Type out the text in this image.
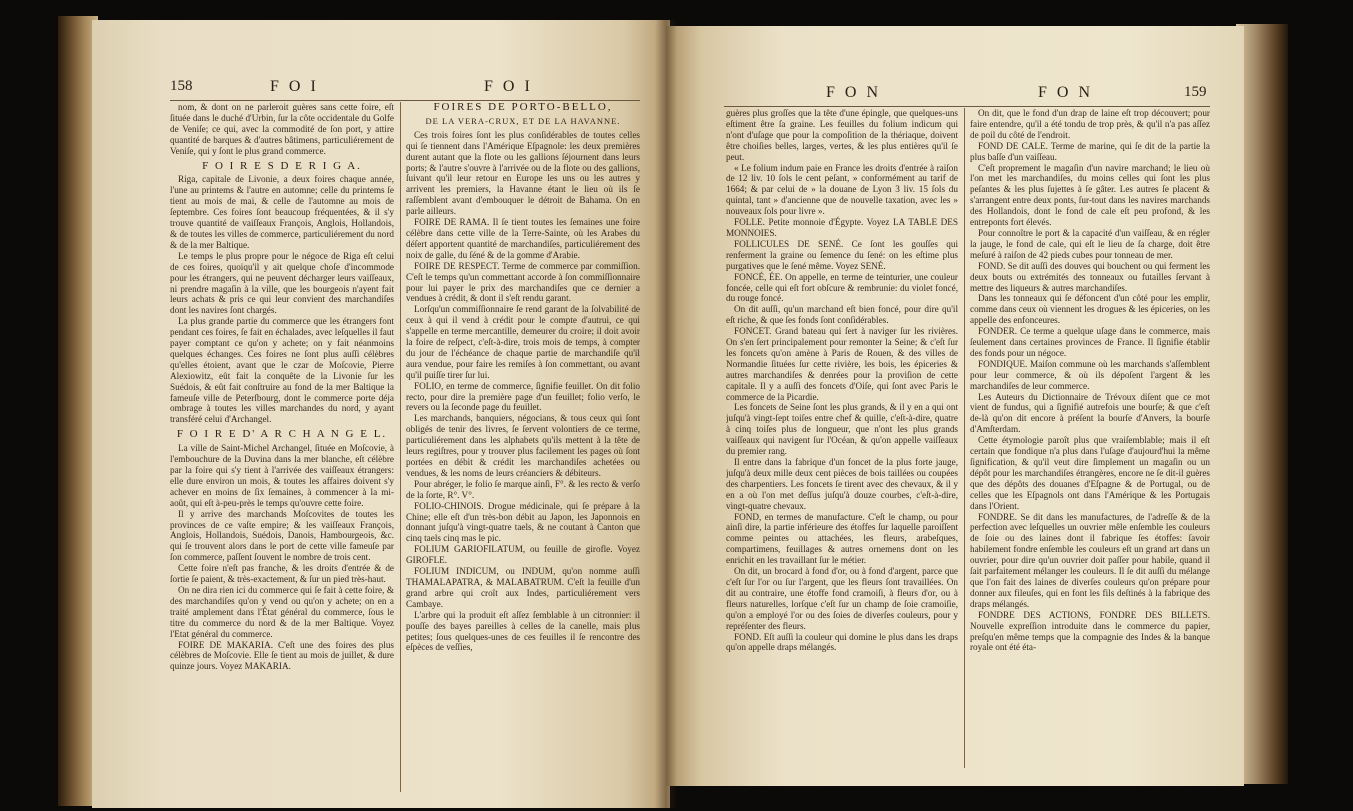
158	F O I	F O I

nom, & dont on ne parleroit guères sans cette foire, eſt ſituée dans le duché d'Urbin, ſur la côte occidentale du Golfe de Veniſe; ce qui, avec la commodité de ſon port, y attire quantité de barques & d'autres bâtimens, particuliérement de Veniſe, qui y ſont le plus grand commerce.

F O I R E S D E R I G A.

Riga, capitale de Livonie, a deux foires chaque année, l'une au printems & l'autre en automne; celle du printems ſe tient au mois de mai, & celle de l'automne au mois de ſeptembre. Ces foires ſont beaucoup fréquentées, & il s'y trouve quantité de vaiſſeaux François, Anglois, Hollandois, & de toutes les villes de commerce, particuliérement du nord & de la mer Baltique.

Le temps le plus propre pour le négoce de Riga eſt celui de ces foires, quoiqu'il y ait quelque choſe d'incommode pour les étrangers, qui ne peuvent décharger leurs vaiſſeaux, ni prendre magaſin à la ville, que les bourgeois n'ayent fait leurs achats & pris ce qui leur convient des marchandiſes dont les navires ſont chargés.

La plus grande partie du commerce que les étrangers font pendant ces foires, ſe fait en échalades, avec leſquelles il faut payer comptant ce qu'on y achete; on y fait néanmoins quelques échanges. Ces foires ne ſont plus auſſi célèbres qu'elles étoient, avant que le czar de Moſcovie, Pierre Alexiowitz, eût fait la conquête de la Livonie ſur les Suédois, & eût fait conſtruire au fond de la mer Baltique la fameuſe ville de Peterſbourg, dont le commerce porte déja ombrage à toutes les villes marchandes du nord, y ayant transféré celui d'Archangel.

F O I R E D' A R C H A N G E L.

La ville de Saint-Michel Archangel, ſituée en Moſcovie, à l'embouchure de la Duvina dans la mer blanche, eſt célèbre par la foire qui s'y tient à l'arrivée des vaiſſeaux étrangers: elle dure environ un mois, & toutes les affaires doivent s'y achever en moins de ſix ſemaines, à commencer à la mi-août, qui eſt à-peu-près le temps qu'ouvre cette foire.

Il y arrive des marchands Moſcovites de toutes les provinces de ce vaſte empire; & les vaiſſeaux François, Anglois, Hollandois, Suédois, Danois, Hambourgeois, &c. qui ſe trouvent alors dans le port de cette ville fameuſe par ſon commerce, paſſent ſouvent le nombre de trois cent.

Cette foire n'eſt pas franche, & les droits d'entrée & de ſortie ſe paient, & très-exactement, & ſur un pied très-haut.

On ne dira rien ici du commerce qui ſe fait à cette foire, & des marchandiſes qu'on y vend ou qu'on y achete; on en a traité amplement dans l'État général du commerce, ſous le titre du commerce du nord & de la mer Baltique. Voyez l'Etat général du commerce.

FOIRE DE MAKARIA. C'eſt une des foires des plus célèbres de Moſcovie. Elle ſe tient au mois de juillet, & dure quinze jours. Voyez MAKARIA.

FOIRES DE PORTO-BELLO,
DE LA VERA-CRUX, ET DE LA HAVANNE.

Ces trois foires ſont les plus conſidérables de toutes celles qui ſe tiennent dans l'Amérique Eſpagnole: les deux premières durent autant que la flote ou les gallions ſéjournent dans leurs ports; & l'autre s'ouvre à l'arrivée ou de la flote ou des gallions, ſuivant qu'il leur retour en Europe les uns ou les autres y arrivent les premiers, la Havanne étant le lieu où ils ſe raſſemblent avant d'embouquer le détroit de Bahama. On en parle ailleurs.

FOIRE DE RAMA. Il ſe tient toutes les ſemaines une foire célèbre dans cette ville de la Terre-Sainte, où les Arabes du déſert apportent quantité de marchandiſes, particuliérement des noix de galle, du ſéné & de la gomme d'Arabie.

FOIRE DE RESPECT. Terme de commerce par commiſſion. C'eſt le temps qu'un commettant accorde à ſon commiſſionnaire pour lui payer le prix des marchandiſes que ce dernier a vendues à crédit, & dont il s'eſt rendu garant.

Lorſqu'un commiſſionnaire ſe rend garant de la ſolvabilité de ceux à qui il vend à crédit pour le compte d'autrui, ce qui s'appelle en terme mercantille, demeurer du croire; il doit avoir la foire de reſpect, c'eſt-à-dire, trois mois de temps, à compter du jour de l'échéance de chaque partie de marchandiſe qu'il aura vendue, pour faire les remiſes à ſon commettant, ou avant qu'il puiſſe tirer ſur lui.

FOLIO, en terme de commerce, ſignifie feuillet. On dit folio recto, pour dire la première page d'un feuillet; folio verſo, le revers ou la ſeconde page du feuillet.

Les marchands, banquiers, négocians, & tous ceux qui ſont obligés de tenir des livres, ſe ſervent volontiers de ce terme, particuliérement dans les alphabets qu'ils mettent à la tête de leurs regiſtres, pour y trouver plus facilement les pages où ſont portées en débit & crédit les marchandiſes achetées ou vendues, & les noms de leurs créanciers & débiteurs.

Pour abréger, le folio ſe marque ainſi, F°. & les recto & verſo de la ſorte, R°. V°.

FOLIO-CHINOIS. Drogue médicinale, qui ſe prépare à la Chine; elle eſt d'un très-bon débit au Japon, les Japonnois en donnant juſqu'à vingt-quatre taels, & ne coutant à Canton que cinq taels cinq mas le pic.

FOLIUM GARIOFILATUM, ou feuille de girofle. Voyez GIROFLE.

FOLIUM INDICUM, ou INDUM, qu'on nomme auſſi THAMALAPATRA, & MALABATRUM. C'eſt la feuille d'un grand arbre qui croît aux Indes, particuliérement vers Cambaye.

L'arbre qui la produit eſt aſſez ſemblable à un citronnier: il pouſſe des bayes pareilles à celles de la canelle, mais plus petites; ſous quelques-unes de ces feuilles il ſe rencontre des eſpèces de veſſies,

F O N	F O N	159

guères plus groſſes que la tête d'une épingle, que quelques-uns eſtiment être ſa graine. Les feuilles du folium indicum qui n'ont d'uſage que pour la compoſition de la thériaque, doivent être choiſies belles, larges, vertes, & les plus entières qu'il ſe peut.

« Le folium indum paie en France les droits d'entrée à raiſon de 12 liv. 10 ſols le cent peſant, » conformément au tarif de 1664; & par celui de » la douane de Lyon 3 liv. 15 ſols du quintal, tant » d'ancienne que de nouvelle taxation, avec les » nouveaux ſols pour livre ».

FOLLE. Petite monnoie d'Égypte. Voyez LA TABLE DES MONNOIES.

FOLLICULES DE SENÉ. Ce ſont les gouſſes qui renferment la graine ou ſemence du ſené: on les eſtime plus purgatives que le ſené même. Voyez SENÉ.

FONCÉ, ÉE. On appelle, en terme de teinturier, une couleur foncée, celle qui eſt fort obſcure & rembrunie: du violet foncé, du rouge foncé.

On dit auſſi, qu'un marchand eſt bien foncé, pour dire qu'il eſt riche, & que ſes fonds ſont conſidérables.

FONCET. Grand bateau qui ſert à naviger ſur les rivières. On s'en ſert principalement pour remonter la Seine; & c'eſt ſur les foncets qu'on amène à Paris de Rouen, & des villes de Normandie ſituées ſur cette rivière, les bois, les épiceries & autres marchandiſes & denrées pour la proviſion de cette capitale. Il y a auſſi des foncets d'Oiſe, qui ſont avec Paris le commerce de la Picardie.

Les foncets de Seine ſont les plus grands, & il y en a qui ont juſqu'à vingt-ſept toiſes entre chef & quille, c'eſt-à-dire, quatre à cinq toiſes plus de longueur, que n'ont les plus grands vaiſſeaux qui navigent ſur l'Océan, & qu'on appelle vaiſſeaux du premier rang.

Il entre dans la fabrique d'un foncet de la plus forte jauge, juſqu'à deux mille deux cent pièces de bois taillées ou coupées des charpentiers. Les foncets ſe tirent avec des chevaux, & il y en a où l'on met deſſus juſqu'à douze courbes, c'eſt-à-dire, vingt-quatre chevaux.

FOND, en termes de manufacture. C'eſt le champ, ou pour ainſi dire, la partie inférieure des étoffes ſur laquelle paroiſſent comme peintes ou attachées, les fleurs, arabeſques, compartimens, feuillages & autres ornemens dont on les enrichit en les travaillant ſur le métier.

On dit, un brocard à fond d'or, ou à fond d'argent, parce que c'eſt ſur l'or ou ſur l'argent, que les fleurs ſont travaillées. On dit au contraire, une étoffe fond cramoiſi, à fleurs d'or, ou à fleurs naturelles, lorſque c'eſt ſur un champ de ſoie cramoiſie, qu'on a employé l'or ou des ſoies de diverſes couleurs, pour y repréſenter des fleurs.

FOND. Eſt auſſi la couleur qui domine le plus dans les draps qu'on appelle draps mélangés.

On dit, que le fond d'un drap de laine eſt trop découvert; pour faire entendre, qu'il a été tondu de trop près, & qu'il n'a pas aſſez de poil du côté de l'endroit.

FOND DE CALE. Terme de marine, qui ſe dit de la partie la plus baſſe d'un vaiſſeau.

C'eſt proprement le magaſin d'un navire marchand; le lieu où l'on met les marchandiſes, du moins celles qui ſont les plus peſantes & les plus ſujettes à ſe gâter. Les autres ſe placent & s'arrangent entre deux ponts, ſur-tout dans les navires marchands des Hollandois, dont le fond de cale eſt peu profond, & les entreponts fort élevés.

Pour connoître le port & la capacité d'un vaiſſeau, & en régler la jauge, le fond de cale, qui eſt le lieu de ſa charge, doit être meſuré à raiſon de 42 pieds cubes pour tonneau de mer.

FOND. Se dit auſſi des douves qui bouchent ou qui ferment les deux bouts ou extrémités des tonneaux ou futailles ſervant à mettre des liqueurs & autres marchandiſes.

Dans les tonneaux qui ſe défoncent d'un côté pour les emplir, comme dans ceux où viennent les drogues & les épiceries, on les appelle des enfonceures.

FONDER. Ce terme a quelque uſage dans le commerce, mais ſeulement dans certaines provinces de France. Il ſignifie établir des fonds pour un négoce.

FONDIQUE. Maiſon commune où les marchands s'aſſemblent pour leur commerce, & où ils dépoſent l'argent & les marchandiſes de leur commerce.

Les Auteurs du Dictionnaire de Trévoux diſent que ce mot vient de fundus, qui a ſignifié autrefois une bourſe; & que c'eſt de-là qu'on dit encore à préſent la bourſe d'Anvers, la bourſe d'Amſterdam.

Cette étymologie paroît plus que vraiſemblable; mais il eſt certain que fondique n'a plus dans l'uſage d'aujourd'hui la même ſignification, & qu'il veut dire ſimplement un magaſin ou un dépôt pour les marchandiſes étrangères, encore ne ſe dit-il guères que des dépôts des douanes d'Eſpagne & de Portugal, ou de celles que les Eſpagnols ont dans l'Amérique & les Portugais dans l'Orient.

FONDRE. Se dit dans les manufactures, de l'adreſſe & de la perfection avec leſquelles un ouvrier mêle enſemble les couleurs de ſoie ou des laines dont il fabrique ſes étoffes: ſavoir habilement fondre enſemble les couleurs eſt un grand art dans un ouvrier, pour dire qu'un ouvrier doit paſſer pour habile, quand il ſait parfaitement mélanger les couleurs. Il ſe dit auſſi du mélange que l'on fait des laines de diverſes couleurs qu'on prépare pour donner aux fileuſes, qui en font les fils deſtinés à la fabrique des draps mélangés.

FONDRE DES ACTIONS, FONDRE DES BILLETS. Nouvelle expreſſion introduite dans le commerce du papier, preſqu'en même temps que la compagnie des Indes & la banque royale ont été éta-
